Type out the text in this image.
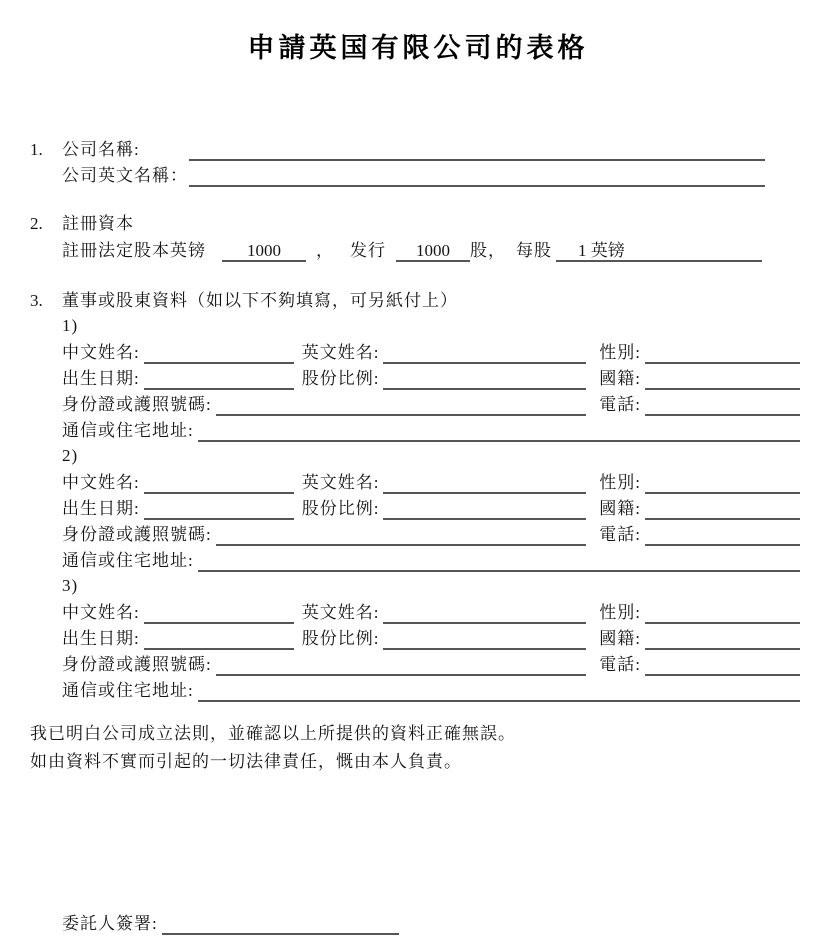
申請英国有限公司的表格
1.	公司名稱:
公司英文名稱：
2.	註冊資本
註冊法定股本英镑	1000	， 发行	1000	股， 每股	1 英镑
3.	董事或股東資料（如以下不夠填寫，可另紙付上）
1)
中文姓名:	英文姓名:	性別:
出生日期:	股份比例:	國籍:
身份證或護照號碼:	電話:
通信或住宅地址:
2)
中文姓名:	英文姓名:	性別:
出生日期:	股份比例:	國籍:
身份證或護照號碼:	電話:
通信或住宅地址:
3)
中文姓名:	英文姓名:	性別:
出生日期:	股份比例:	國籍:
身份證或護照號碼:	電話:
通信或住宅地址:
我已明白公司成立法則，並確認以上所提供的資料正確無誤。
如由資料不實而引起的一切法律責任，慨由本人負責。
委託人簽署:
